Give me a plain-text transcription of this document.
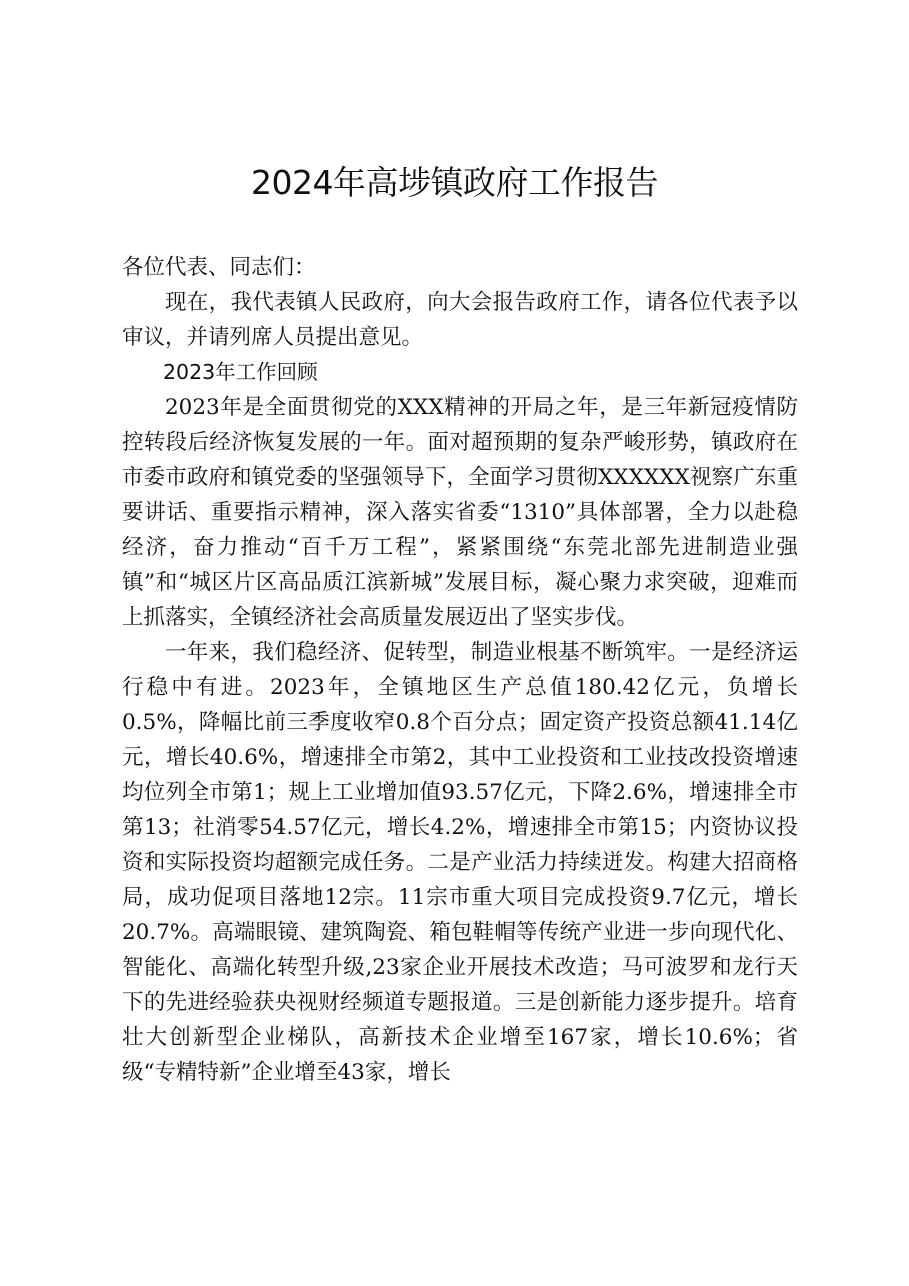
2024年高埗镇政府工作报告

各位代表、同志们：

现在，我代表镇人民政府，向大会报告政府工作，请各位代表予以审议，并请列席人员提出意见。

2023年工作回顾

2023年是全面贯彻党的XXX精神的开局之年，是三年新冠疫情防控转段后经济恢复发展的一年。面对超预期的复杂严峻形势，镇政府在市委市政府和镇党委的坚强领导下，全面学习贯彻XXXXXX视察广东重要讲话、重要指示精神，深入落实省委“1310”具体部署，全力以赴稳经济，奋力推动“百千万工程”，紧紧围绕“东莞北部先进制造业强镇”和“城区片区高品质江滨新城”发展目标，凝心聚力求突破，迎难而上抓落实，全镇经济社会高质量发展迈出了坚实步伐。

一年来，我们稳经济、促转型，制造业根基不断筑牢。一是经济运行稳中有进。2023年，全镇地区生产总值180.42亿元，负增长0.5%，降幅比前三季度收窄0.8个百分点；固定资产投资总额41.14亿元，增长40.6%，增速排全市第2，其中工业投资和工业技改投资增速均位列全市第1；规上工业增加值93.57亿元，下降2.6%，增速排全市第13；社消零54.57亿元，增长4.2%，增速排全市第15；内资协议投资和实际投资均超额完成任务。二是产业活力持续迸发。构建大招商格局，成功促项目落地12宗。11宗市重大项目完成投资9.7亿元，增长20.7%。高端眼镜、建筑陶瓷、箱包鞋帽等传统产业进一步向现代化、智能化、高端化转型升级,23家企业开展技术改造；马可波罗和龙行天下的先进经验获央视财经频道专题报道。三是创新能力逐步提升。培育壮大创新型企业梯队，高新技术企业增至167家，增长10.6%；省级“专精特新”企业增至43家，增长
